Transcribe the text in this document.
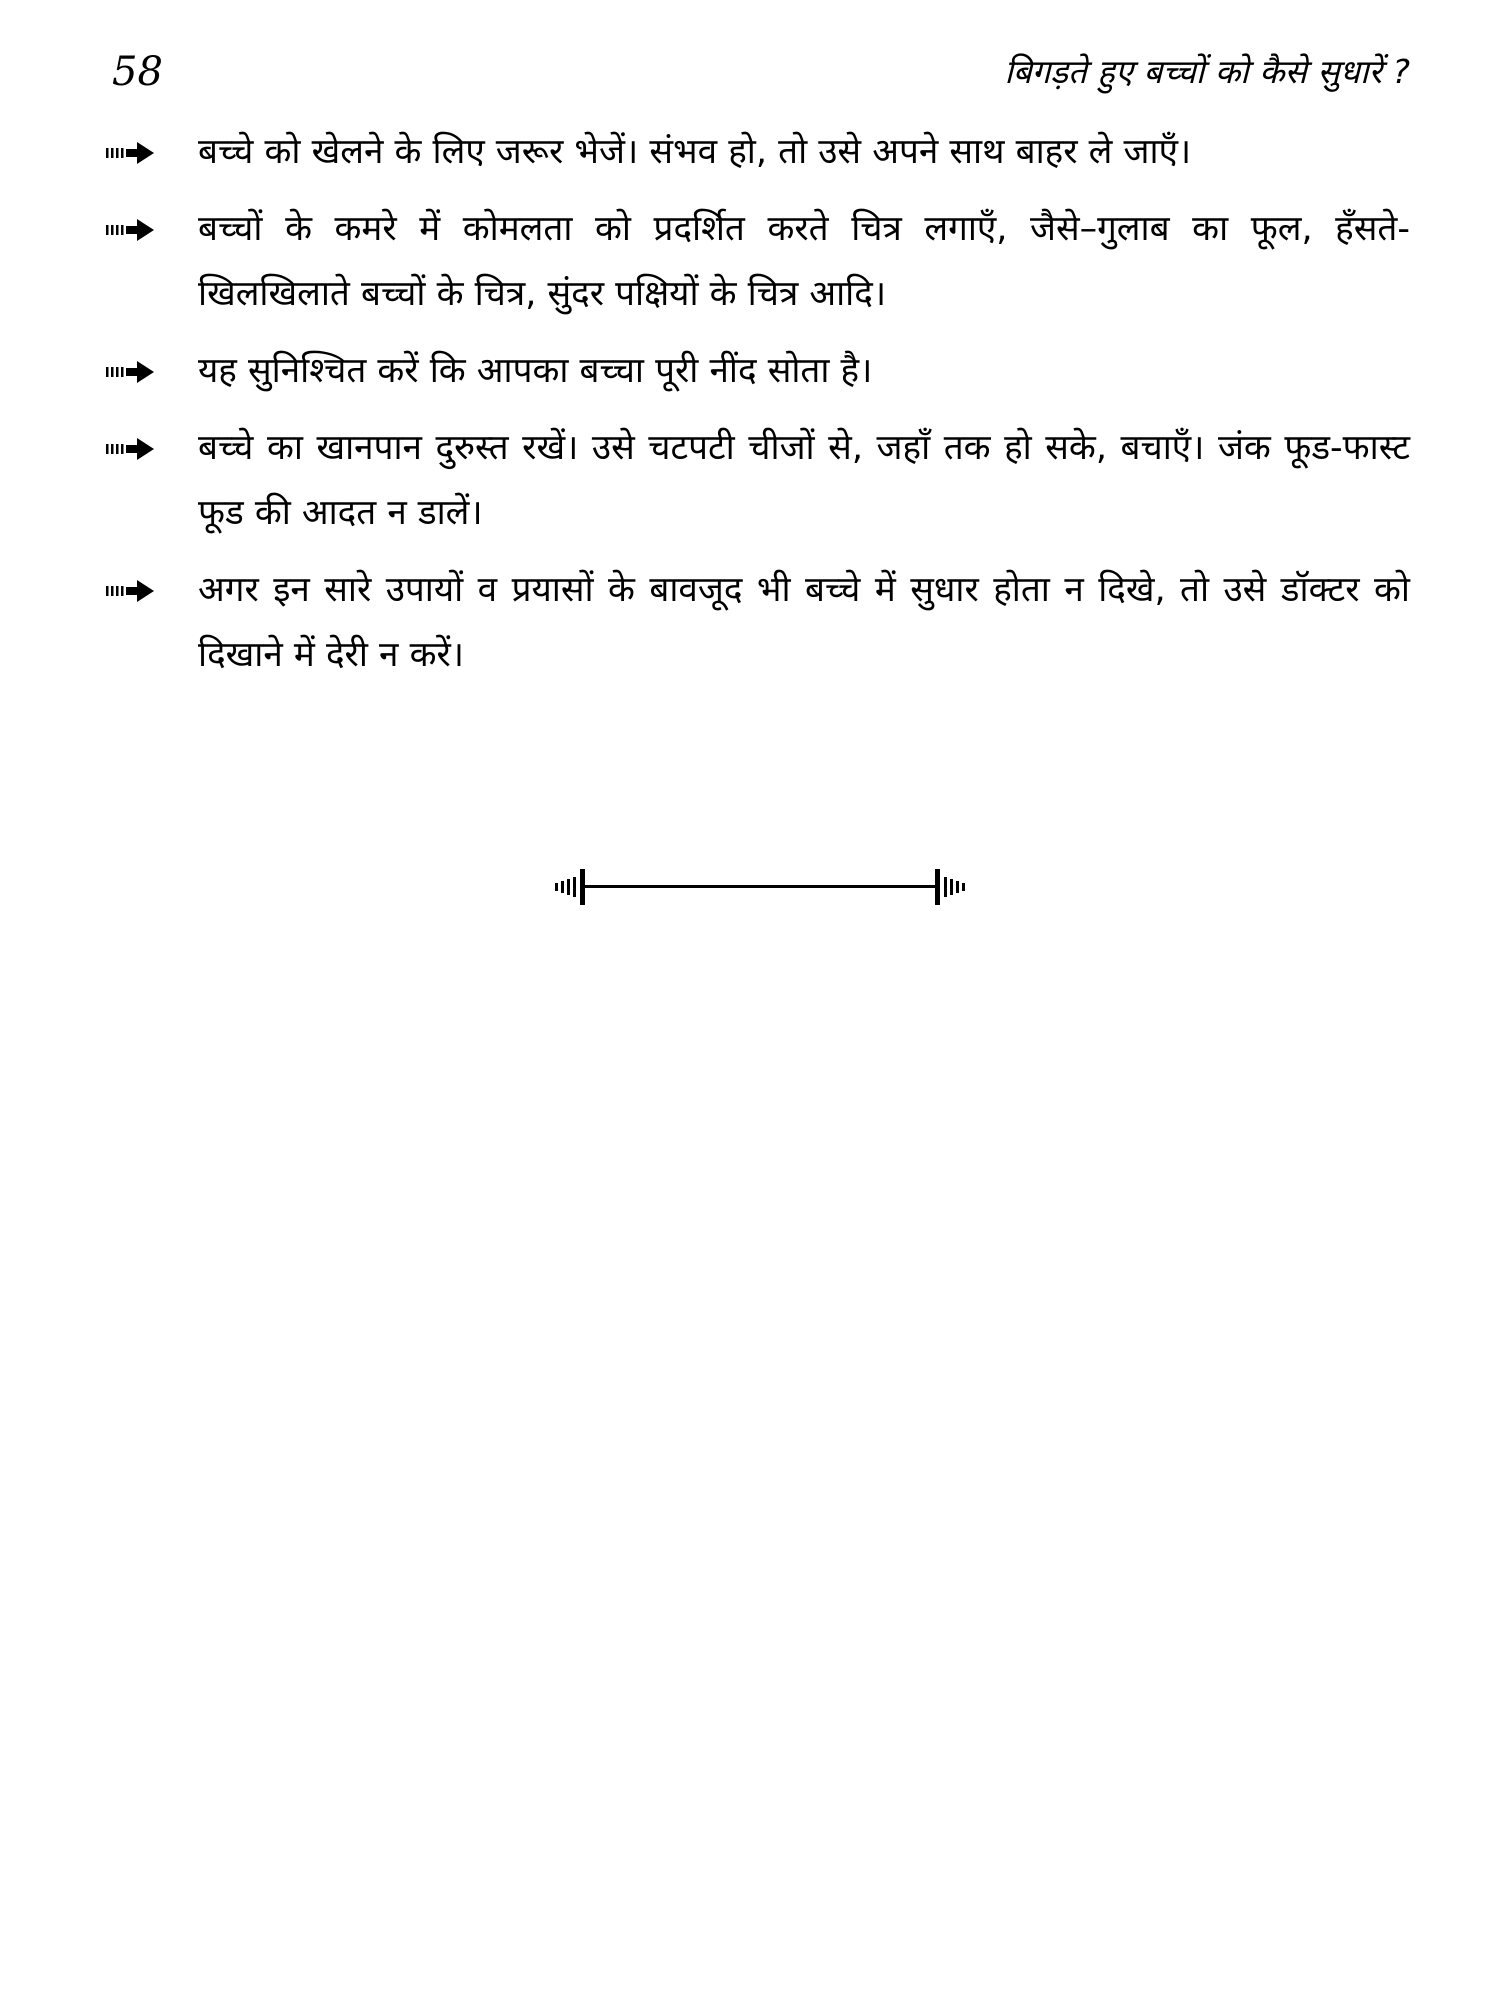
58	बिगड़ते हुए बच्चों को कैसे सुधारें ?
बच्चे को खेलने के लिए जरूर भेजें। संभव हो, तो उसे अपने साथ बाहर ले जाएँ।
बच्चों के कमरे में कोमलता को प्रदर्शित करते चित्र लगाएँ, जैसे–गुलाब का फूल, हँसते-खिलखिलाते बच्चों के चित्र, सुंदर पक्षियों के चित्र आदि।
यह सुनिश्चित करें कि आपका बच्चा पूरी नींद सोता है।
बच्चे का खानपान दुरुस्त रखें। उसे चटपटी चीजों से, जहाँ तक हो सके, बचाएँ। जंक फूड-फास्ट फूड की आदत न डालें।
अगर इन सारे उपायों व प्रयासों के बावजूद भी बच्चे में सुधार होता न दिखे, तो उसे डॉक्टर को दिखाने में देरी न करें।
